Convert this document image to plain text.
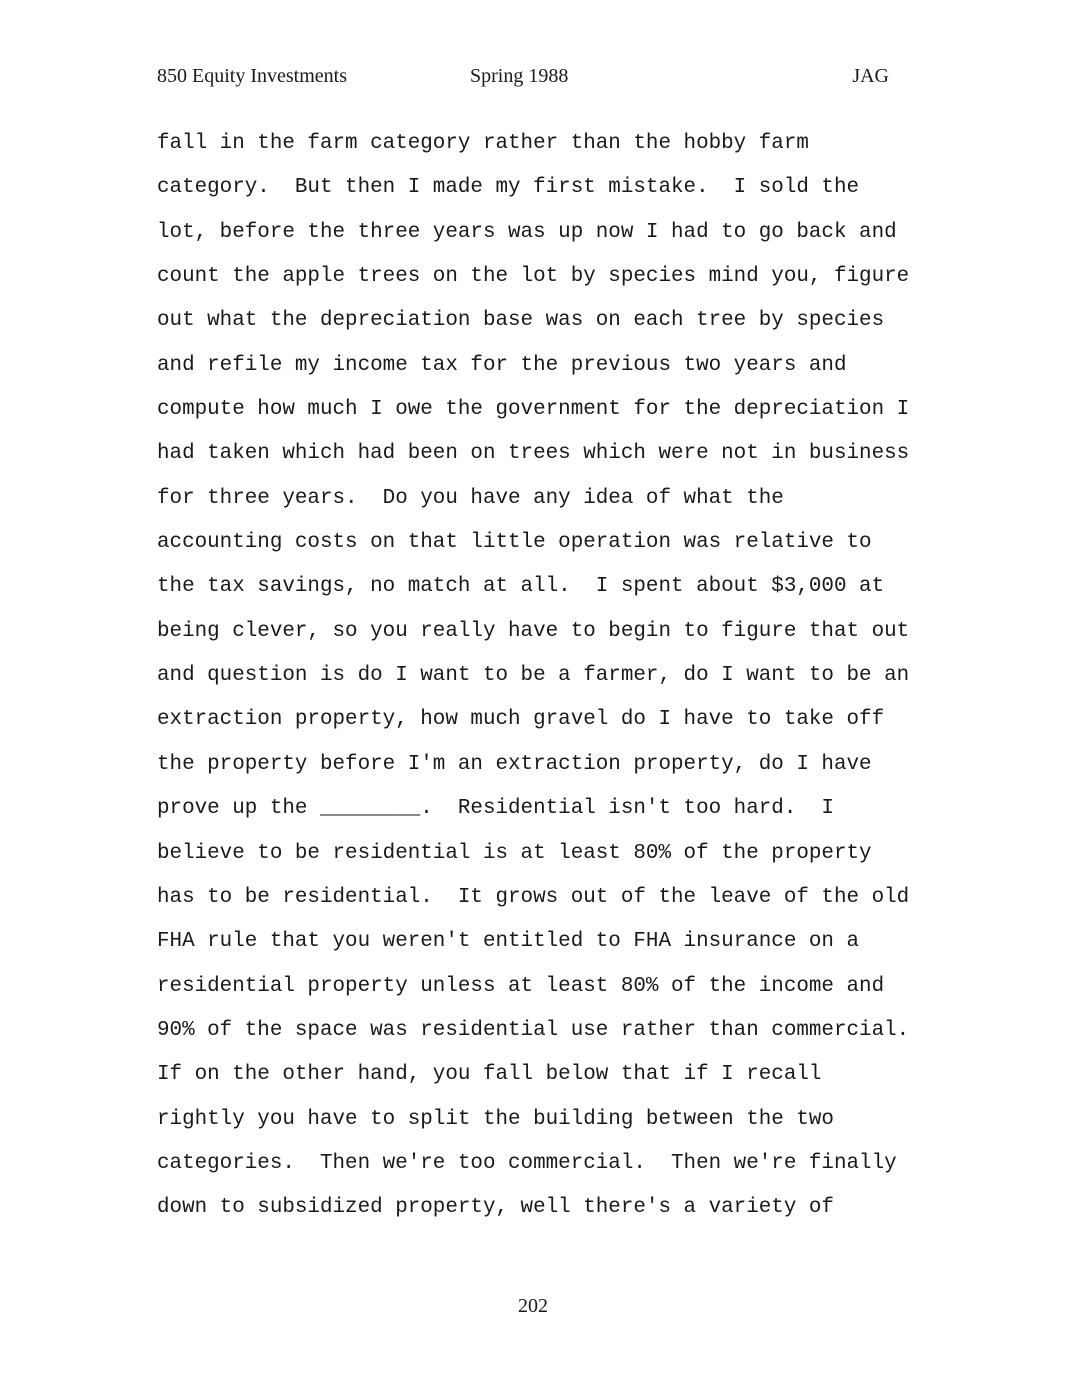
850 Equity Investments	Spring 1988	JAG
fall in the farm category rather than the hobby farm
category.  But then I made my first mistake.  I sold the
lot, before the three years was up now I had to go back and
count the apple trees on the lot by species mind you, figure
out what the depreciation base was on each tree by species
and refile my income tax for the previous two years and
compute how much I owe the government for the depreciation I
had taken which had been on trees which were not in business
for three years.  Do you have any idea of what the
accounting costs on that little operation was relative to
the tax savings, no match at all.  I spent about $3,000 at
being clever, so you really have to begin to figure that out
and question is do I want to be a farmer, do I want to be an
extraction property, how much gravel do I have to take off
the property before I'm an extraction property, do I have
prove up the ________.  Residential isn't too hard.  I
believe to be residential is at least 80% of the property
has to be residential.  It grows out of the leave of the old
FHA rule that you weren't entitled to FHA insurance on a
residential property unless at least 80% of the income and
90% of the space was residential use rather than commercial.
If on the other hand, you fall below that if I recall
rightly you have to split the building between the two
categories.  Then we're too commercial.  Then we're finally
down to subsidized property, well there's a variety of
202
